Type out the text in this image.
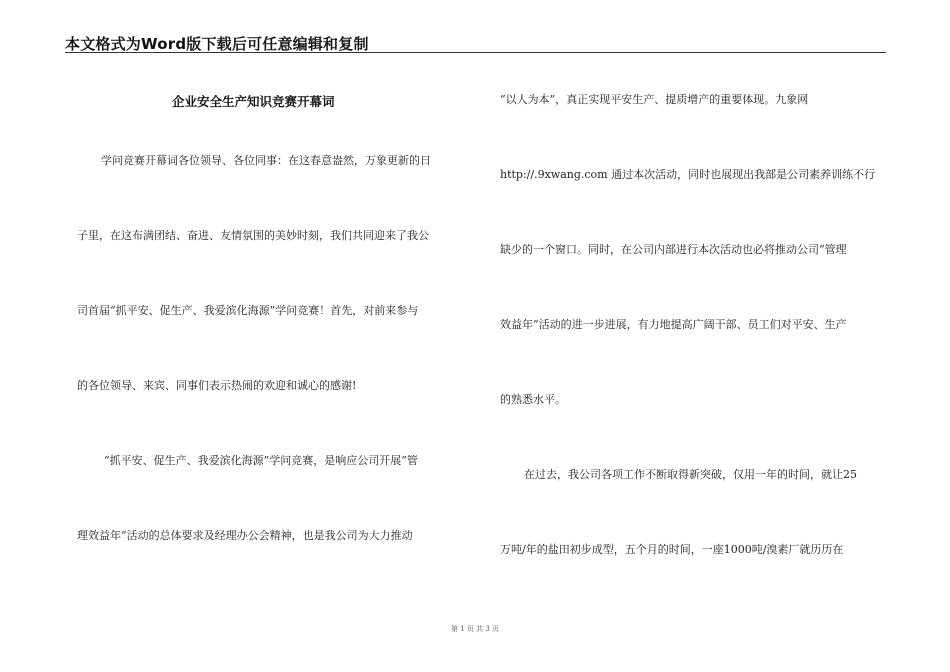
本文格式为Word版下载后可任意编辑和复制
企业安全生产知识竞赛开幕词
学问竞赛开幕词各位领导、各位同事：在这春意盎然，万象更新的日
子里，在这布满团结、奋进、友情氛围的美妙时刻，我们共同迎来了我公
司首届“抓平安、促生产、我爱滨化海源”学问竞赛！首先，对前来参与
的各位领导、来宾、同事们表示热闹的欢迎和诚心的感谢!
“抓平安、促生产、我爱滨化海源”学问竞赛，是响应公司开展“管
理效益年”活动的总体要求及经理办公会精神，也是我公司为大力推动
“以人为本”，真正实现平安生产、提质增产的重要体现。九象网
http://.9xwang.com 通过本次活动，同时也展现出我部是公司素养训练不行
缺少的一个窗口。同时，在公司内部进行本次活动也必将推动公司“管理
效益年”活动的进一步进展，有力地提高广阔干部、员工们对平安、生产
的熟悉水平。
在过去，我公司各项工作不断取得新突破，仅用一年的时间，就让25
万吨/年的盐田初步成型，五个月的时间，一座1000吨/溴素厂就历历在
第 1 页 共 3 页
